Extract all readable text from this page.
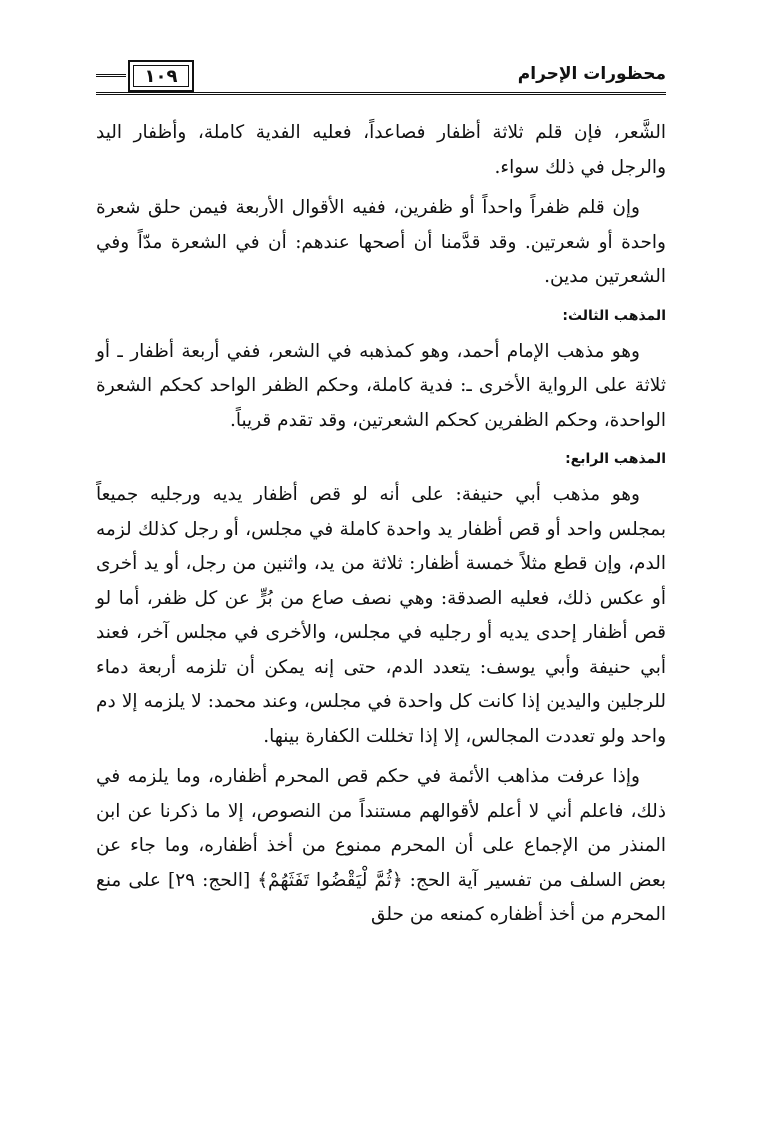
١٠٩	محظورات الإحرام

الشَّعر، فإن قلم ثلاثة أظفار فصاعداً، فعليه الفدية كاملة، وأظفار اليد والرجل في ذلك سواء.

وإن قلم ظفراً واحداً أو ظفرين، ففيه الأقوال الأربعة فيمن حلق شعرة واحدة أو شعرتين. وقد قدَّمنا أن أصحها عندهم: أن في الشعرة مدّاً وفي الشعرتين مدين.

المذهب الثالث:

وهو مذهب الإمام أحمد، وهو كمذهبه في الشعر، ففي أربعة أظفار ـ أو ثلاثة على الرواية الأخرى ـ: فدية كاملة، وحكم الظفر الواحد كحكم الشعرة الواحدة، وحكم الظفرين كحكم الشعرتين، وقد تقدم قريباً.

المذهب الرابع:

وهو مذهب أبي حنيفة: على أنه لو قص أظفار يديه ورجليه جميعاً بمجلس واحد أو قص أظفار يد واحدة كاملة في مجلس، أو رجل كذلك لزمه الدم، وإن قطع مثلاً خمسة أظفار: ثلاثة من يد، واثنين من رجل، أو يد أخرى أو عكس ذلك، فعليه الصدقة: وهي نصف صاع من بُرٍّ عن كل ظفر، أما لو قص أظفار إحدى يديه أو رجليه في مجلس، والأخرى في مجلس آخر، فعند أبي حنيفة وأبي يوسف: يتعدد الدم، حتى إنه يمكن أن تلزمه أربعة دماء للرجلين واليدين إذا كانت كل واحدة في مجلس، وعند محمد: لا يلزمه إلا دم واحد ولو تعددت المجالس، إلا إذا تخللت الكفارة بينها.

وإذا عرفت مذاهب الأئمة في حكم قص المحرم أظفاره، وما يلزمه في ذلك، فاعلم أني لا أعلم لأقوالهم مستنداً من النصوص، إلا ما ذكرنا عن ابن المنذر من الإجماع على أن المحرم ممنوع من أخذ أظفاره، وما جاء عن بعض السلف من تفسير آية الحج: ﴿ثُمَّ لْيَقْضُوا تَفَثَهُمْ﴾ [الحج: ٢٩] على منع المحرم من أخذ أظفاره كمنعه من حلق
